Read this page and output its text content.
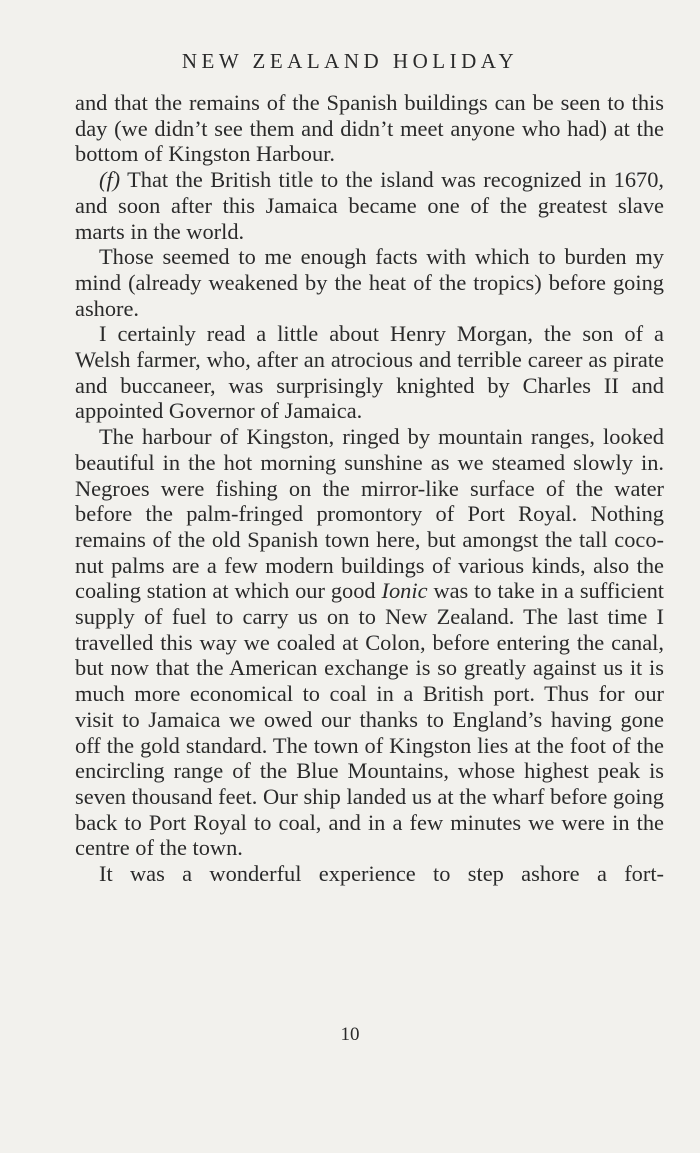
NEW ZEALAND HOLIDAY

and that the remains of the Spanish buildings can be seen to this day (we didn’t see them and didn’t meet anyone who had) at the bottom of Kingston Harbour.

(f) That the British title to the island was recognized in 1670, and soon after this Jamaica became one of the greatest slave marts in the world.

Those seemed to me enough facts with which to burden my mind (already weakened by the heat of the tropics) before going ashore.

I certainly read a little about Henry Morgan, the son of a Welsh farmer, who, after an atrocious and terrible career as pirate and buccaneer, was surprisingly knighted by Charles II and appointed Governor of Jamaica.

The harbour of Kingston, ringed by mountain ranges, looked beautiful in the hot morning sunshine as we steamed slowly in. Negroes were fishing on the mirror-like surface of the water before the palm-fringed promontory of Port Royal. Nothing remains of the old Spanish town here, but amongst the tall coco-nut palms are a few modern buildings of various kinds, also the coaling station at which our good Ionic was to take in a sufficient supply of fuel to carry us on to New Zealand. The last time I travelled this way we coaled at Colon, before entering the canal, but now that the American exchange is so greatly against us it is much more economical to coal in a British port. Thus for our visit to Jamaica we owed our thanks to England’s having gone off the gold standard. The town of Kingston lies at the foot of the encircling range of the Blue Mountains, whose highest peak is seven thousand feet. Our ship landed us at the wharf before going back to Port Royal to coal, and in a few minutes we were in the centre of the town.

It was a wonderful experience to step ashore a fort-

10
